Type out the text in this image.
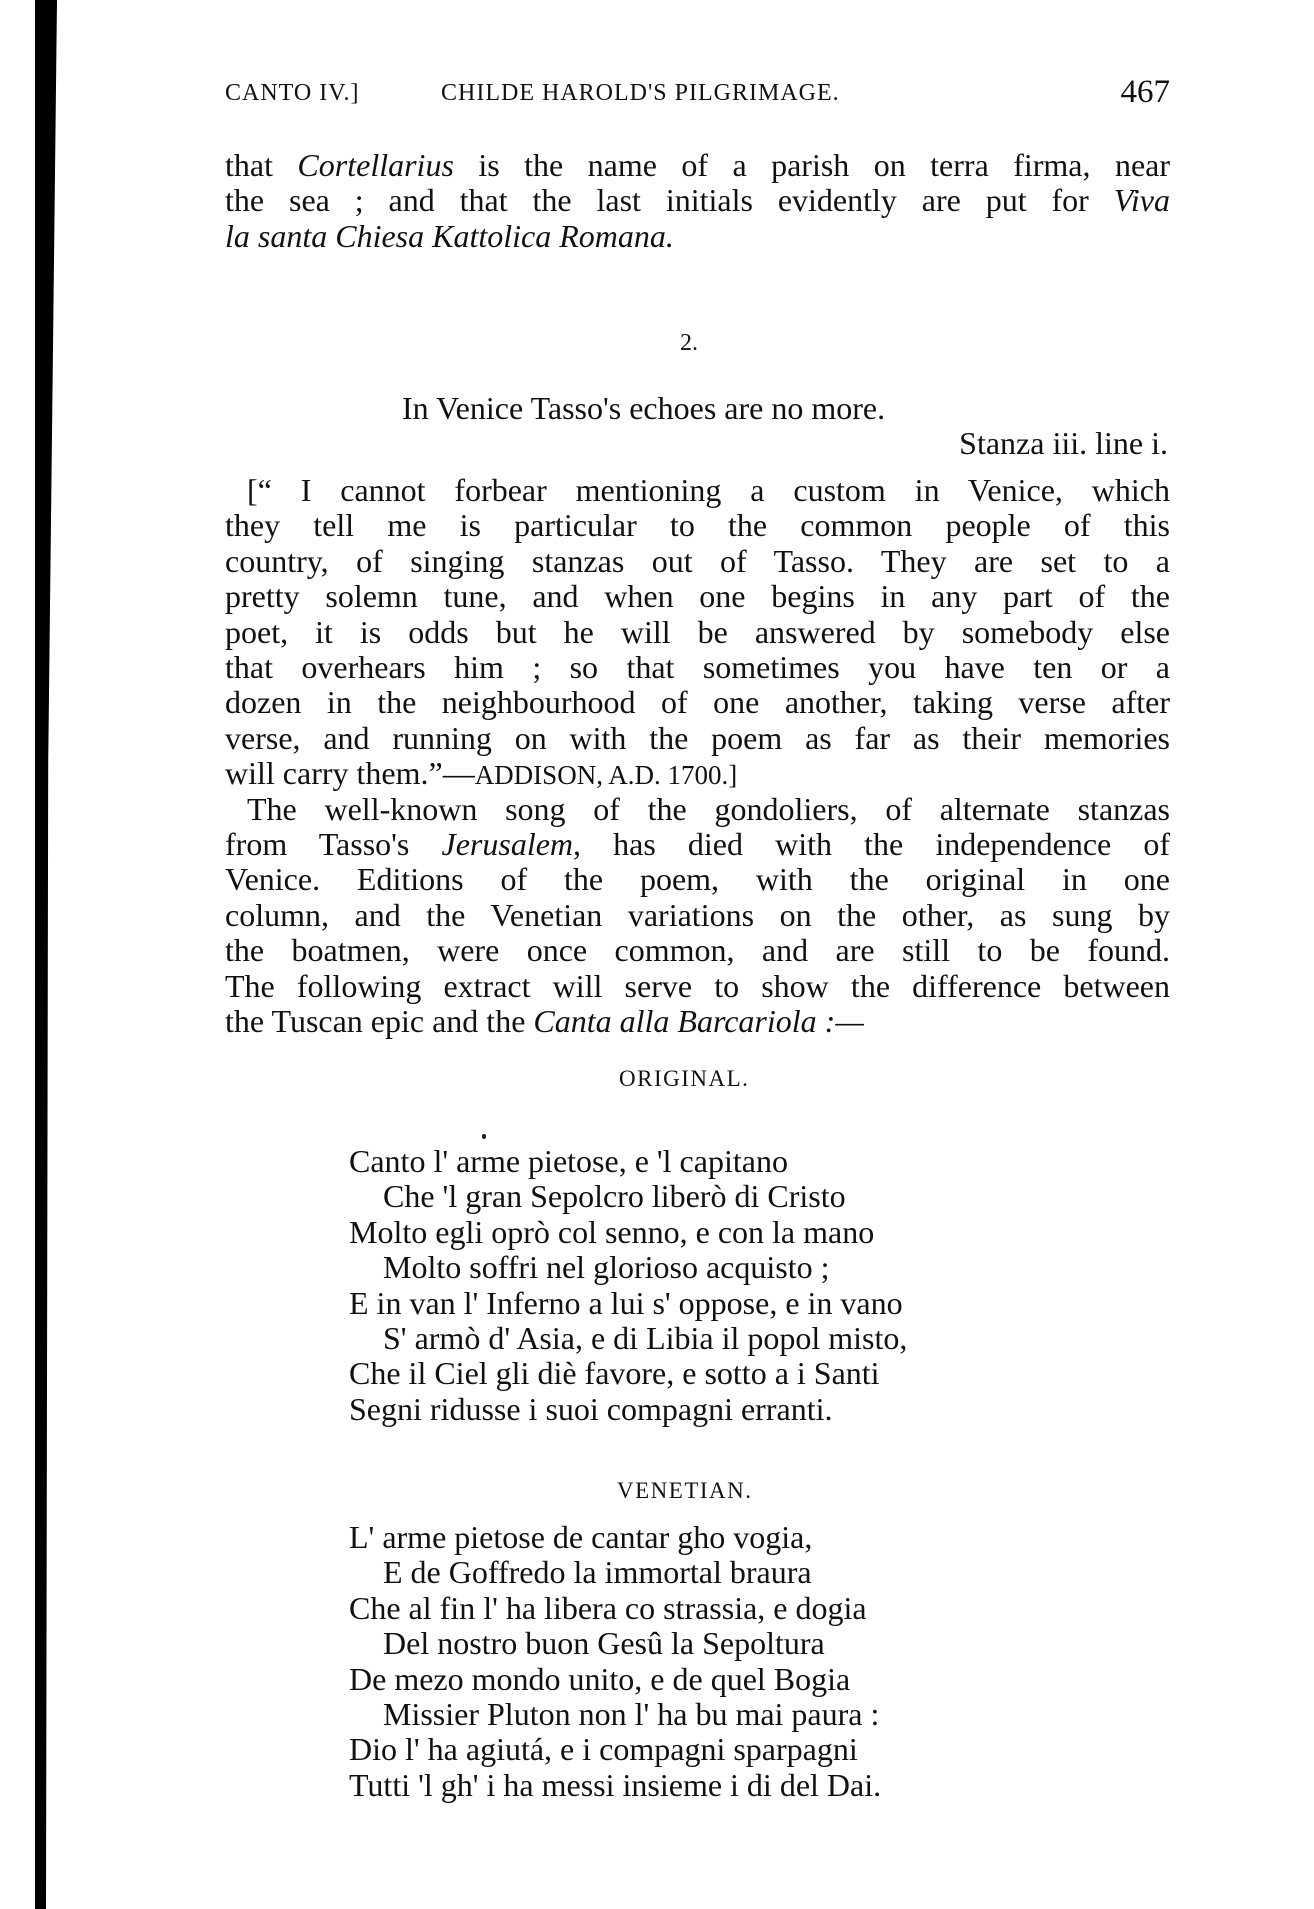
CANTO IV.]	CHILDE HAROLD'S PILGRIMAGE.	467
that Cortellarius is the name of a parish on terra firma, near
the sea ; and that the last initials evidently are put for Viva
la santa Chiesa Kattolica Romana.
2.
In Venice Tasso's echoes are no more.
Stanza iii. line i.
[“ I cannot forbear mentioning a custom in Venice, which
they tell me is particular to the common people of this
country, of singing stanzas out of Tasso. They are set to a
pretty solemn tune, and when one begins in any part of the
poet, it is odds but he will be answered by somebody else
that overhears him ; so that sometimes you have ten or a
dozen in the neighbourhood of one another, taking verse after
verse, and running on with the poem as far as their memories
will carry them.”—ADDISON, A.D. 1700.]
The well-known song of the gondoliers, of alternate stanzas
from Tasso's Jerusalem, has died with the independence of
Venice. Editions of the poem, with the original in one
column, and the Venetian variations on the other, as sung by
the boatmen, were once common, and are still to be found.
The following extract will serve to show the difference between
the Tuscan epic and the Canta alla Barcariola :—
ORIGINAL.
Canto l' arme pietose, e 'l capitano
Che 'l gran Sepolcro liberò di Cristo
Molto egli oprò col senno, e con la mano
Molto soffri nel glorioso acquisto ;
E in van l' Inferno a lui s' oppose, e in vano
S' armò d' Asia, e di Libia il popol misto,
Che il Ciel gli diè favore, e sotto a i Santi
Segni ridusse i suoi compagni erranti.
VENETIAN.
L' arme pietose de cantar gho vogia,
E de Goffredo la immortal braura
Che al fin l' ha libera co strassia, e dogia
Del nostro buon Gesû la Sepoltura
De mezo mondo unito, e de quel Bogia
Missier Pluton non l' ha bu mai paura :
Dio l' ha agiutá, e i compagni sparpagni
Tutti 'l gh' i ha messi insieme i di del Dai.
